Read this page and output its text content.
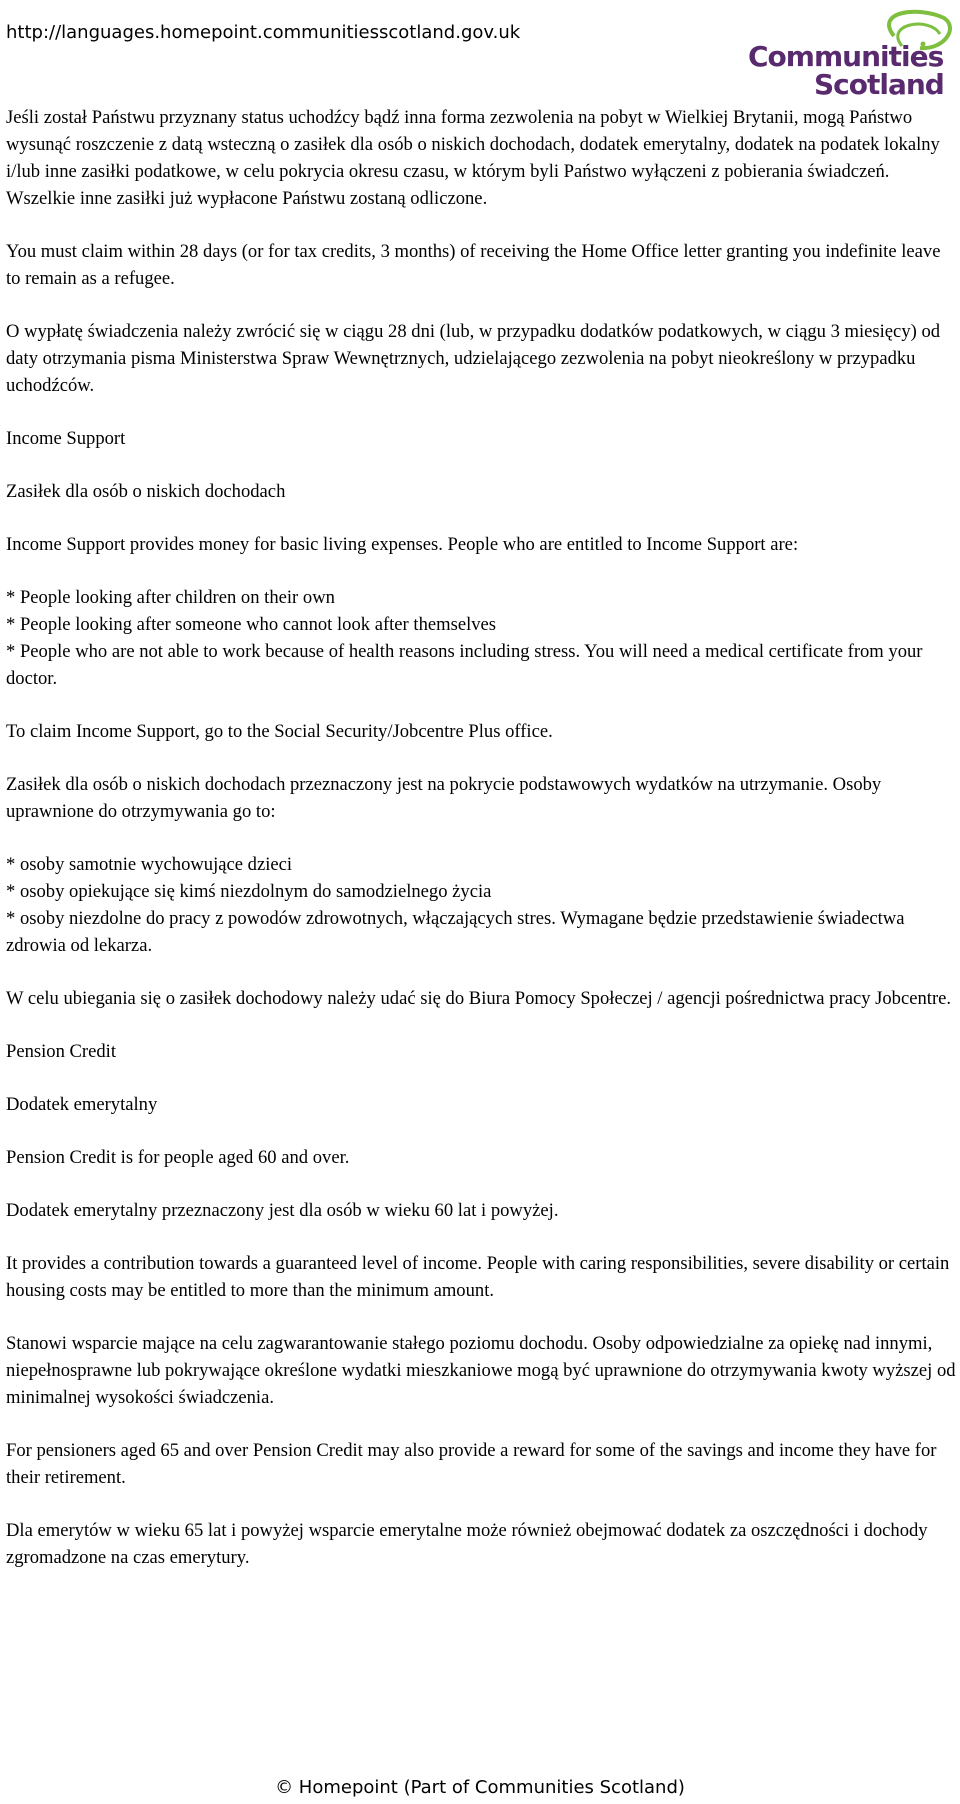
http://languages.homepoint.communitiesscotland.gov.uk
Communities
Scotland

Jeśli został Państwu przyznany status uchodźcy bądź inna forma zezwolenia na pobyt w Wielkiej Brytanii, mogą Państwo wysunąć roszczenie z datą wsteczną o zasiłek dla osób o niskich dochodach, dodatek emerytalny, dodatek na podatek lokalny i/lub inne zasiłki podatkowe, w celu pokrycia okresu czasu, w którym byli Państwo wyłączeni z pobierania świadczeń. Wszelkie inne zasiłki już wypłacone Państwu zostaną odliczone.

You must claim within 28 days (or for tax credits, 3 months) of receiving the Home Office letter granting you indefinite leave to remain as a refugee.

O wypłatę świadczenia należy zwrócić się w ciągu 28 dni (lub, w przypadku dodatków podatkowych, w ciągu 3 miesięcy) od daty otrzymania pisma Ministerstwa Spraw Wewnętrznych, udzielającego zezwolenia na pobyt nieokreślony w przypadku uchodźców.

Income Support

Zasiłek dla osób o niskich dochodach

Income Support provides money for basic living expenses. People who are entitled to Income Support are:

* People looking after children on their own
* People looking after someone who cannot look after themselves
* People who are not able to work because of health reasons including stress. You will need a medical certificate from your doctor.

To claim Income Support, go to the Social Security/Jobcentre Plus office.

Zasiłek dla osób o niskich dochodach przeznaczony jest na pokrycie podstawowych wydatków na utrzymanie. Osoby uprawnione do otrzymywania go to:

* osoby samotnie wychowujące dzieci
* osoby opiekujące się kimś niezdolnym do samodzielnego życia
* osoby niezdolne do pracy z powodów zdrowotnych, włączających stres. Wymagane będzie przedstawienie świadectwa zdrowia od lekarza.

W celu ubiegania się o zasiłek dochodowy należy udać się do Biura Pomocy Społeczej / agencji pośrednictwa pracy Jobcentre.

Pension Credit

Dodatek emerytalny

Pension Credit is for people aged 60 and over.

Dodatek emerytalny przeznaczony jest dla osób w wieku 60 lat i powyżej.

It provides a contribution towards a guaranteed level of income. People with caring responsibilities, severe disability or certain housing costs may be entitled to more than the minimum amount.

Stanowi wsparcie mające na celu zagwarantowanie stałego poziomu dochodu. Osoby odpowiedzialne za opiekę nad innymi, niepełnosprawne lub pokrywające określone wydatki mieszkaniowe mogą być uprawnione do otrzymywania kwoty wyższej od minimalnej wysokości świadczenia.

For pensioners aged 65 and over Pension Credit may also provide a reward for some of the savings and income they have for their retirement.

Dla emerytów w wieku 65 lat i powyżej wsparcie emerytalne może również obejmować dodatek za oszczędności i dochody zgromadzone na czas emerytury.

© Homepoint (Part of Communities Scotland)
